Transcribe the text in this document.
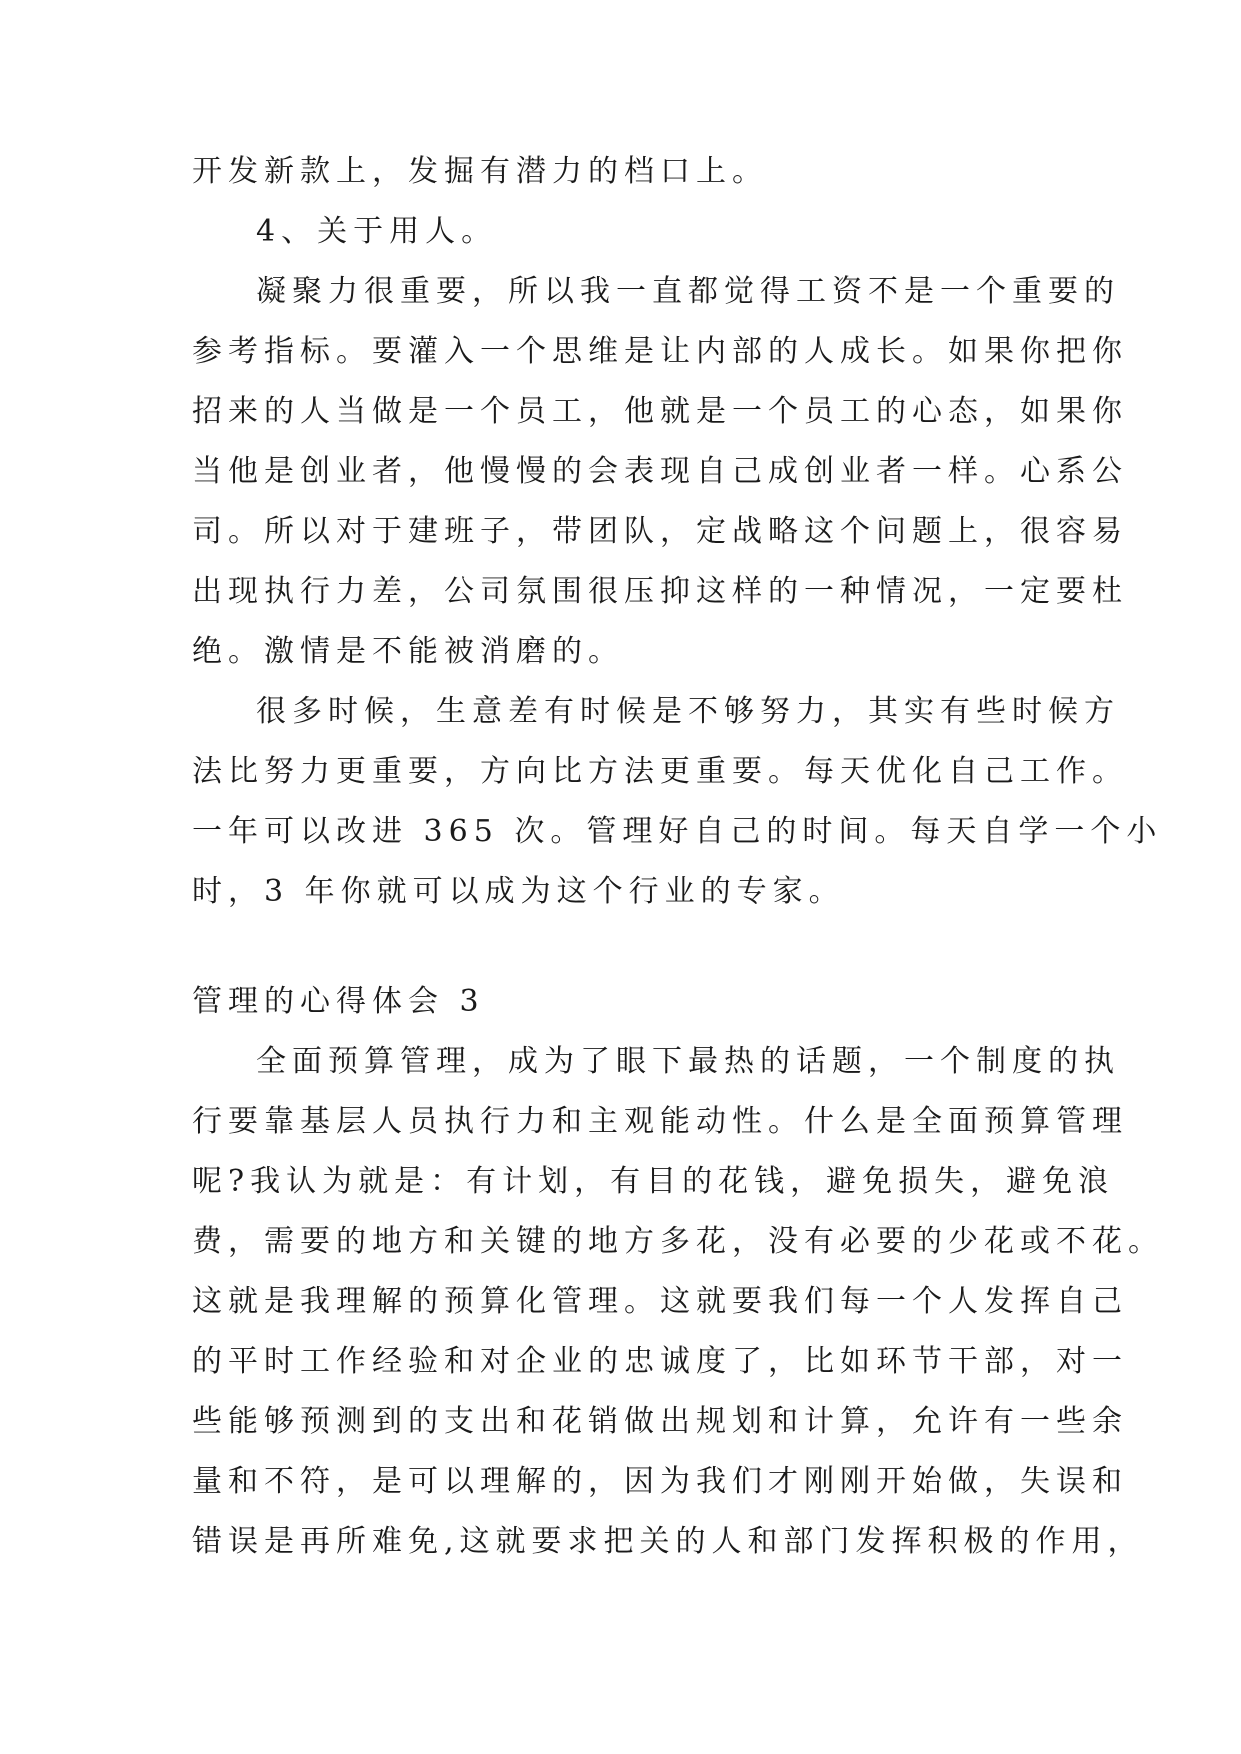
开发新款上，发掘有潜力的档口上。
4、关于用人。
凝聚力很重要，所以我一直都觉得工资不是一个重要的
参考指标。要灌入一个思维是让内部的人成长。如果你把你
招来的人当做是一个员工，他就是一个员工的心态，如果你
当他是创业者，他慢慢的会表现自己成创业者一样。心系公
司。所以对于建班子，带团队，定战略这个问题上，很容易
出现执行力差，公司氛围很压抑这样的一种情况，一定要杜
绝。激情是不能被消磨的。
很多时候，生意差有时候是不够努力，其实有些时候方
法比努力更重要，方向比方法更重要。每天优化自己工作。
一年可以改进 365 次。管理好自己的时间。每天自学一个小
时，3 年你就可以成为这个行业的专家。
管理的心得体会 3
全面预算管理，成为了眼下最热的话题，一个制度的执
行要靠基层人员执行力和主观能动性。什么是全面预算管理
呢?我认为就是：有计划，有目的花钱，避免损失，避免浪
费，需要的地方和关键的地方多花，没有必要的少花或不花。
这就是我理解的预算化管理。这就要我们每一个人发挥自己
的平时工作经验和对企业的忠诚度了，比如环节干部，对一
些能够预测到的支出和花销做出规划和计算，允许有一些余
量和不符，是可以理解的，因为我们才刚刚开始做，失误和
错误是再所难免,这就要求把关的人和部门发挥积极的作用，
